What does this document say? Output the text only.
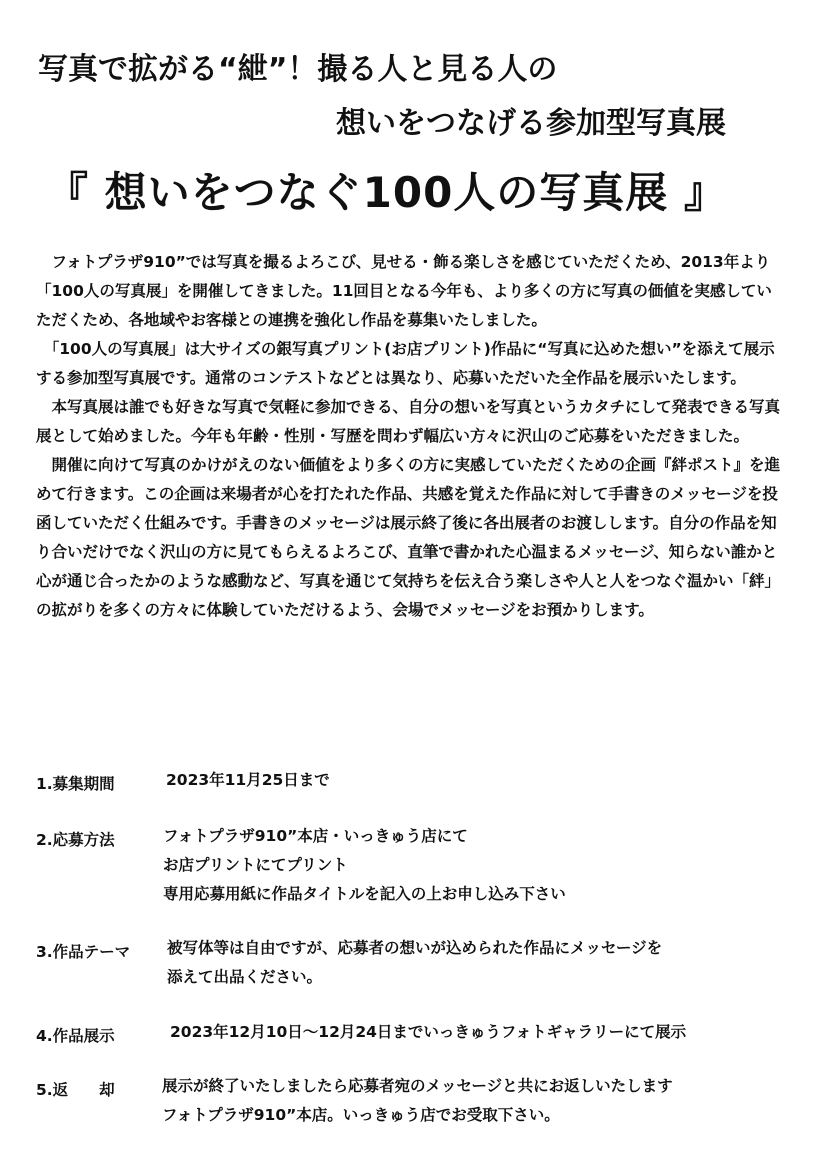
写真で拡がる“紲”！撮る人と見る人の
想いをつなげる参加型写真展
『 想いをつなぐ100人の写真展 』

フォトプラザ910”では写真を撮るよろこび、見せる・飾る楽しさを感じていただくため、2013年より「100人の写真展」を開催してきました。11回目となる今年も、より多くの方に写真の価値を実感していただくため、各地域やお客様との連携を強化し作品を募集いたしました。

「100人の写真展」は大サイズの銀写真プリント(お店プリント)作品に“写真に込めた想い”を添えて展示する参加型写真展です。通常のコンテストなどとは異なり、応募いただいた全作品を展示いたします。

本写真展は誰でも好きな写真で気軽に参加できる、自分の想いを写真というカタチにして発表できる写真展として始めました。今年も年齢・性別・写歴を問わず幅広い方々に沢山のご応募をいただきました。

開催に向けて写真のかけがえのない価値をより多くの方に実感していただくための企画『絆ポスト』を進めて行きます。この企画は来場者が心を打たれた作品、共感を覚えた作品に対して手書きのメッセージを投函していただく仕組みです。手書きのメッセージは展示終了後に各出展者のお渡しします。自分の作品を知り合いだけでなく沢山の方に見てもらえるよろこび、直筆で書かれた心温まるメッセージ、知らない誰かと心が通じ合ったかのような感動など、写真を通じて気持ちを伝え合う楽しさや人と人をつなぐ温かい「絆」の拡がりを多くの方々に体験していただけるよう、会場でメッセージをお預かりします。

1.募集期間	2023年11月25日まで
2.応募方法	フォトプラザ910”本店・いっきゅう店にて
お店プリントにてプリント
専用応募用紙に作品タイトルを記入の上お申し込み下さい
3.作品テーマ 被写体等は自由ですが、応募者の想いが込められた作品にメッセージを
添えて出品ください。
4.作品展示	2023年12月10日～12月24日までいっきゅうフォトギャラリーにて展示
5.返　　却	展示が終了いたしましたら応募者宛のメッセージと共にお返しいたします
フォトプラザ910”本店。いっきゅう店でお受取下さい。
